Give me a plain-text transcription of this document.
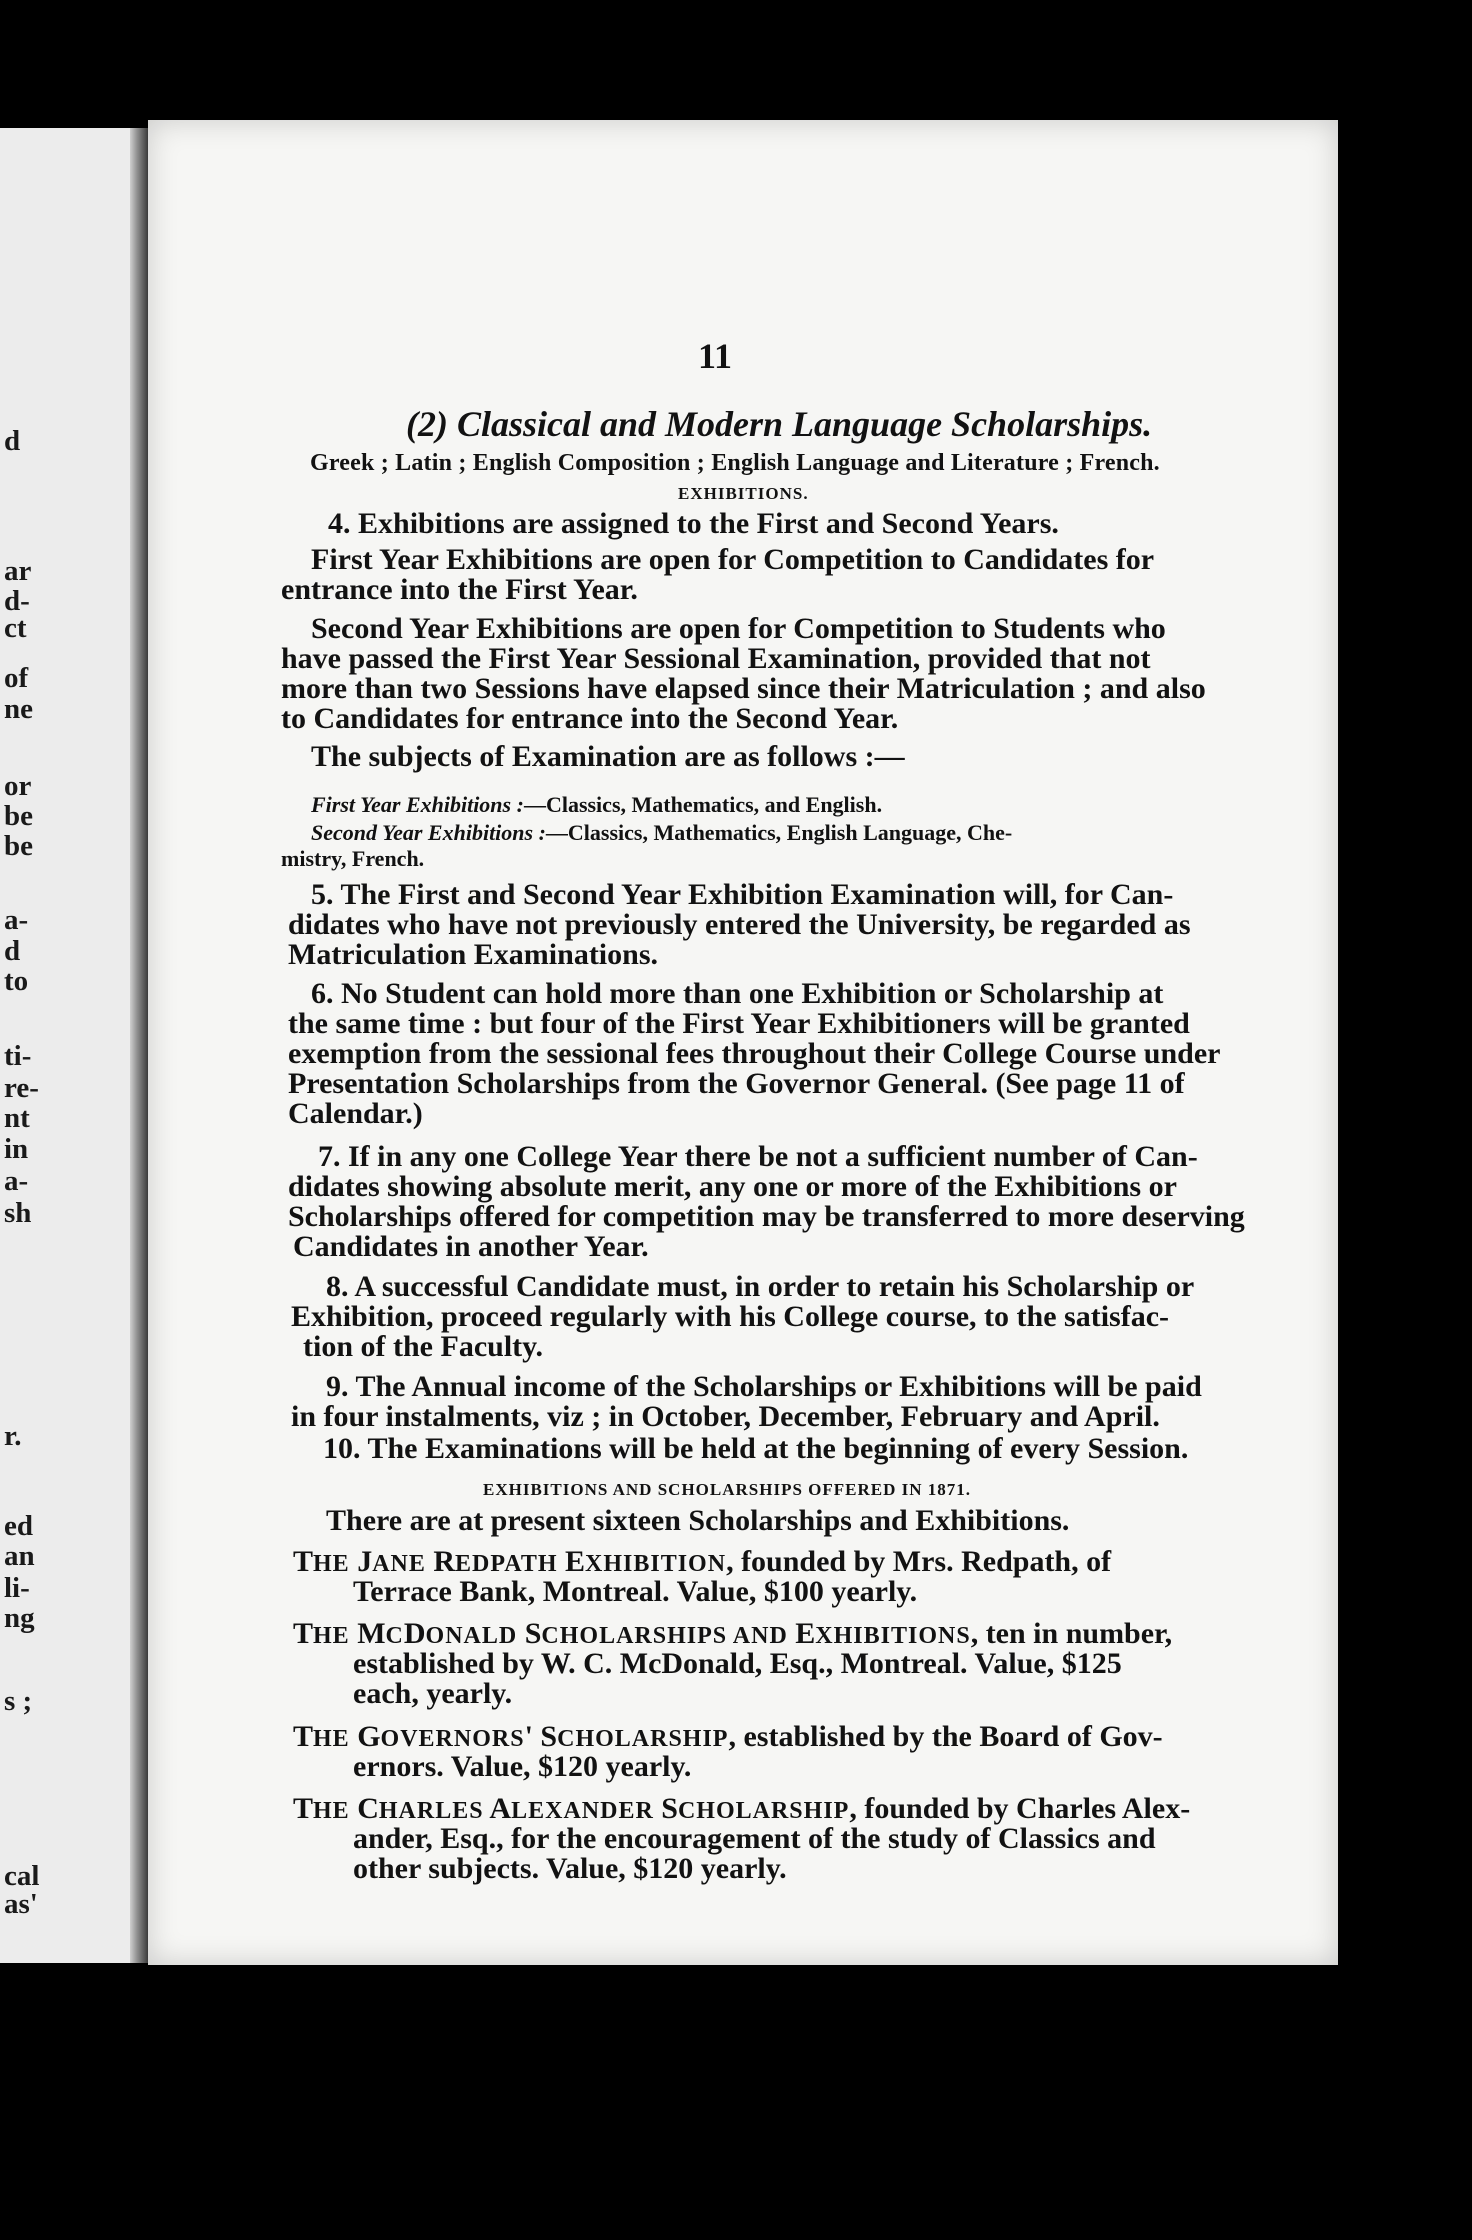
d
ar
d-
ct
of
ne
or
be
be
a-
d
to
ti-
re-
nt
in
a-
sh
r.
ed
an
li-
ng
s ;
cal
as'
11
(2) Classical and Modern Language Scholarships.
Greek ; Latin ; English Composition ; English Language and Literature ; French.
EXHIBITIONS.
4. Exhibitions are assigned to the First and Second Years.
First Year Exhibitions are open for Competition to Candidates for
entrance into the First Year.
Second Year Exhibitions are open for Competition to Students who
have passed the First Year Sessional Examination, provided that not
more than two Sessions have elapsed since their Matriculation ; and also
to Candidates for entrance into the Second Year.
The subjects of Examination are as follows :—
First Year Exhibitions :—Classics, Mathematics, and English.
Second Year Exhibitions :—Classics, Mathematics, English Language, Che-
mistry, French.
5. The First and Second Year Exhibition Examination will, for Can-
didates who have not previously entered the University, be regarded as
Matriculation Examinations.
6. No Student can hold more than one Exhibition or Scholarship at
the same time : but four of the First Year Exhibitioners will be granted
exemption from the sessional fees throughout their College Course under
Presentation Scholarships from the Governor General. (See page 11 of
Calendar.)
7. If in any one College Year there be not a sufficient number of Can-
didates showing absolute merit, any one or more of the Exhibitions or
Scholarships offered for competition may be transferred to more deserving
Candidates in another Year.
8. A successful Candidate must, in order to retain his Scholarship or
Exhibition, proceed regularly with his College course, to the satisfac-
tion of the Faculty.
9. The Annual income of the Scholarships or Exhibitions will be paid
in four instalments, viz ; in October, December, February and April.
10. The Examinations will be held at the beginning of every Session.
EXHIBITIONS AND SCHOLARSHIPS OFFERED IN 1871.
There are at present sixteen Scholarships and Exhibitions.
THE JANE REDPATH EXHIBITION, founded by Mrs. Redpath, of
Terrace Bank, Montreal. Value, $100 yearly.
THE MCDONALD SCHOLARSHIPS AND EXHIBITIONS, ten in number,
established by W. C. McDonald, Esq., Montreal. Value, $125
each, yearly.
THE GOVERNORS' SCHOLARSHIP, established by the Board of Gov-
ernors. Value, $120 yearly.
THE CHARLES ALEXANDER SCHOLARSHIP, founded by Charles Alex-
ander, Esq., for the encouragement of the study of Classics and
other subjects. Value, $120 yearly.
